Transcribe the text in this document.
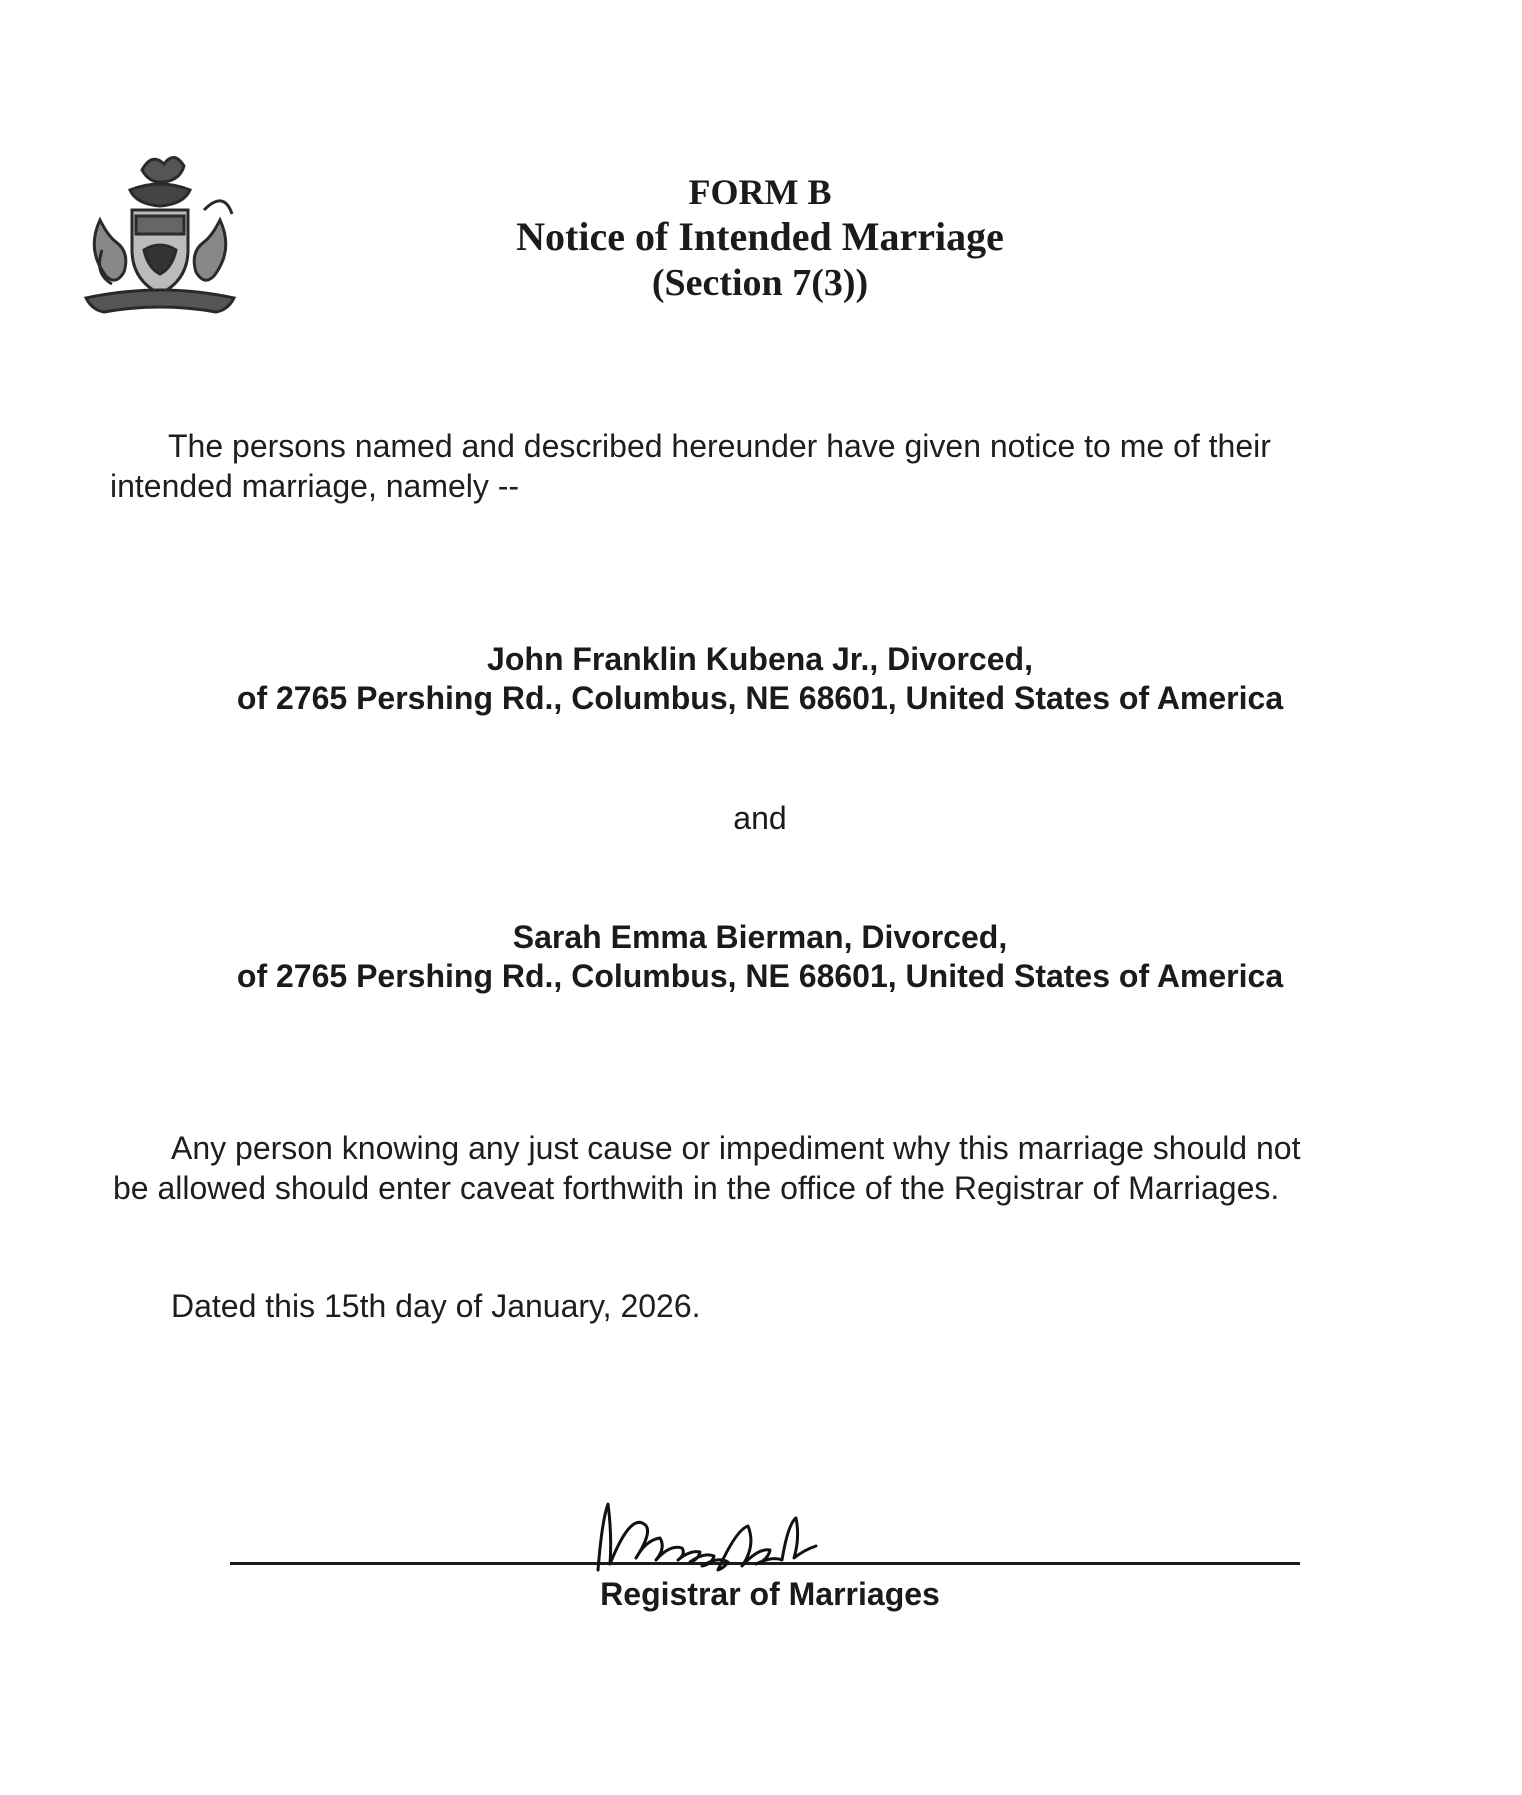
FORM B
Notice of Intended Marriage
(Section 7(3))
The persons named and described hereunder have given notice to me of their
intended marriage, namely --
John Franklin Kubena Jr., Divorced,
of 2765 Pershing Rd., Columbus, NE 68601, United States of America
and
Sarah Emma Bierman, Divorced,
of 2765 Pershing Rd., Columbus, NE 68601, United States of America
Any person knowing any just cause or impediment why this marriage should not
be allowed should enter caveat forthwith in the office of the Registrar of Marriages.
Dated this 15th day of January, 2026.
Registrar of Marriages
